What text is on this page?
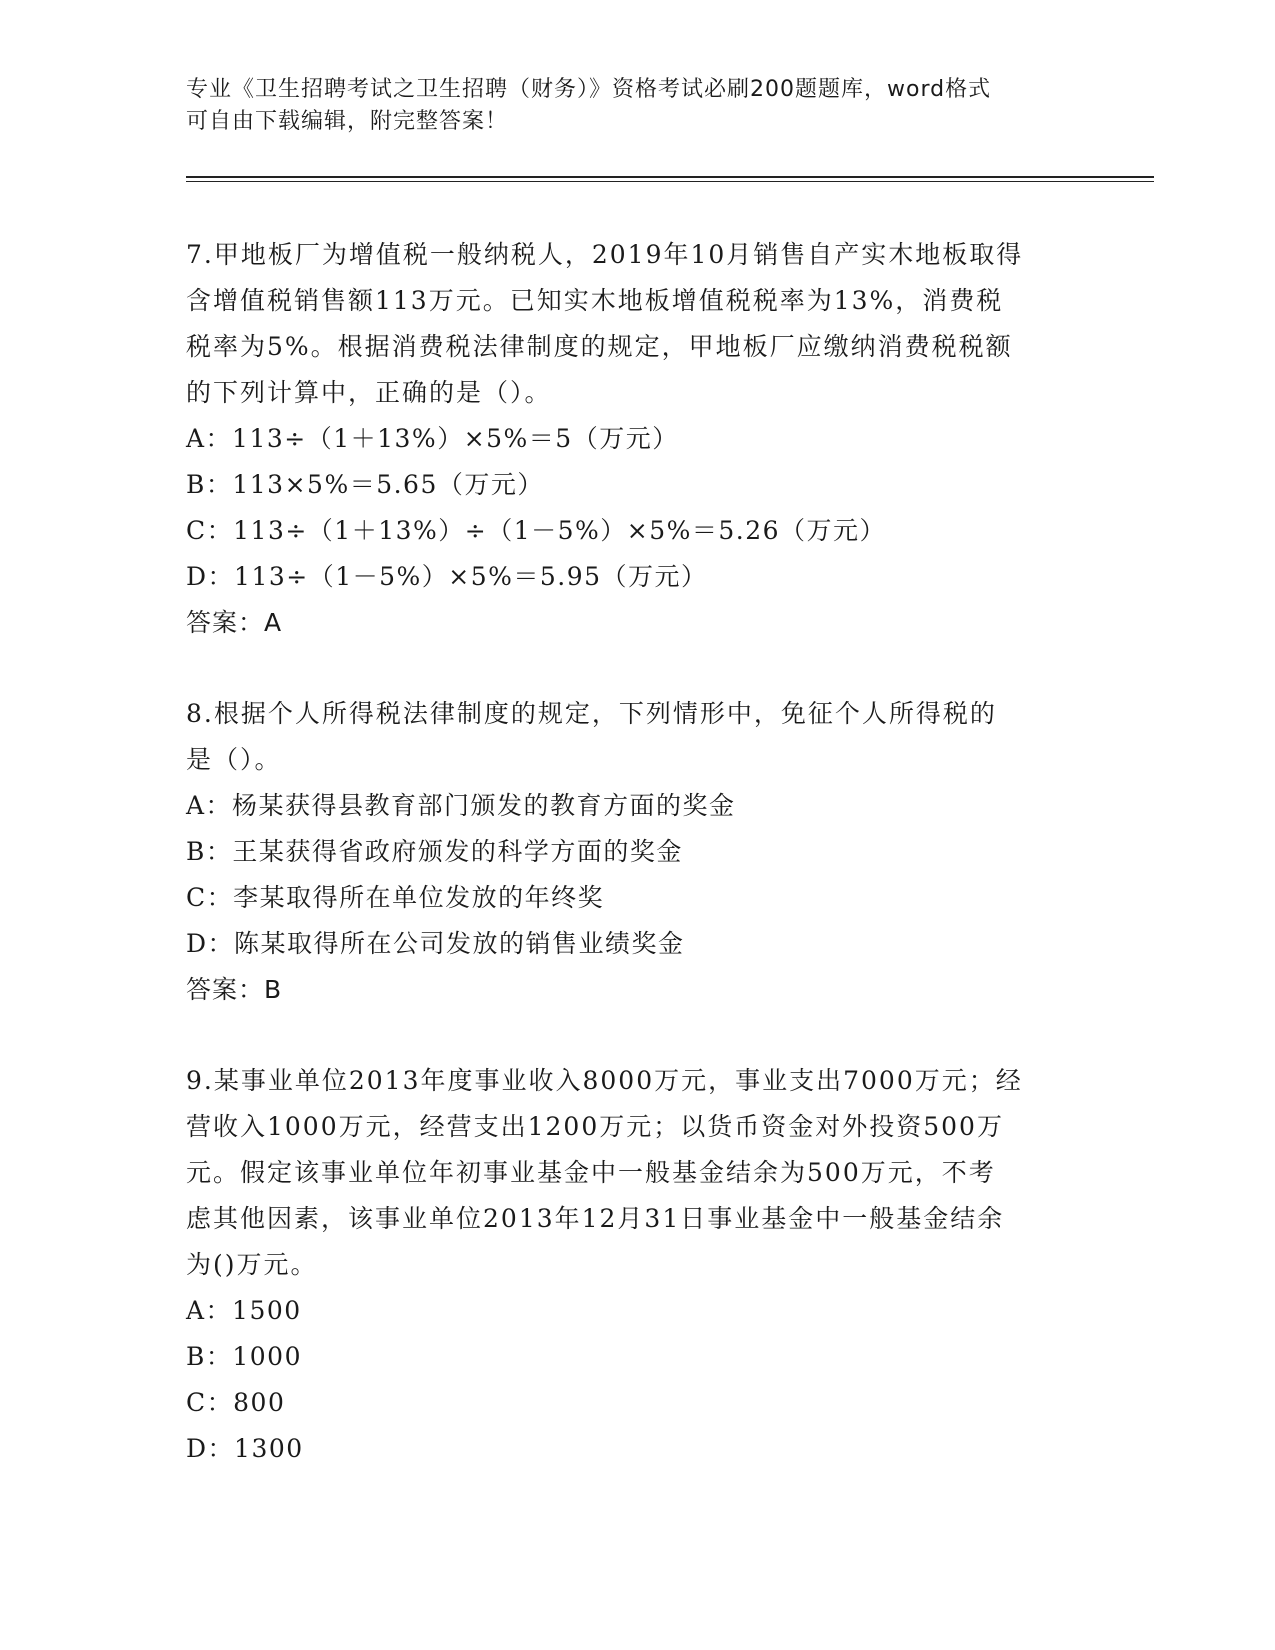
专业《卫生招聘考试之卫生招聘（财务）》资格考试必刷200题题库，word格式
可自由下载编辑，附完整答案！

7.甲地板厂为增值税一般纳税人，2019年10月销售自产实木地板取得

含增值税销售额113万元。已知实木地板增值税税率为13%，消费税

税率为5%。根据消费税法律制度的规定，甲地板厂应缴纳消费税税额

的下列计算中，正确的是（）。

A：113÷（1＋13%）×5%＝5（万元）

B：113×5%＝5.65（万元）

C：113÷（1＋13%）÷（1－5%）×5%＝5.26（万元）

D：113÷（1－5%）×5%＝5.95（万元）

答案：A

8.根据个人所得税法律制度的规定，下列情形中，免征个人所得税的

是（）。

A：杨某获得县教育部门颁发的教育方面的奖金

B：王某获得省政府颁发的科学方面的奖金

C：李某取得所在单位发放的年终奖

D：陈某取得所在公司发放的销售业绩奖金

答案：B

9.某事业单位2013年度事业收入8000万元，事业支出7000万元；经

营收入1000万元，经营支出1200万元；以货币资金对外投资500万

元。假定该事业单位年初事业基金中一般基金结余为500万元，不考

虑其他因素，该事业单位2013年12月31日事业基金中一般基金结余

为()万元。

A：1500

B：1000

C：800

D：1300
